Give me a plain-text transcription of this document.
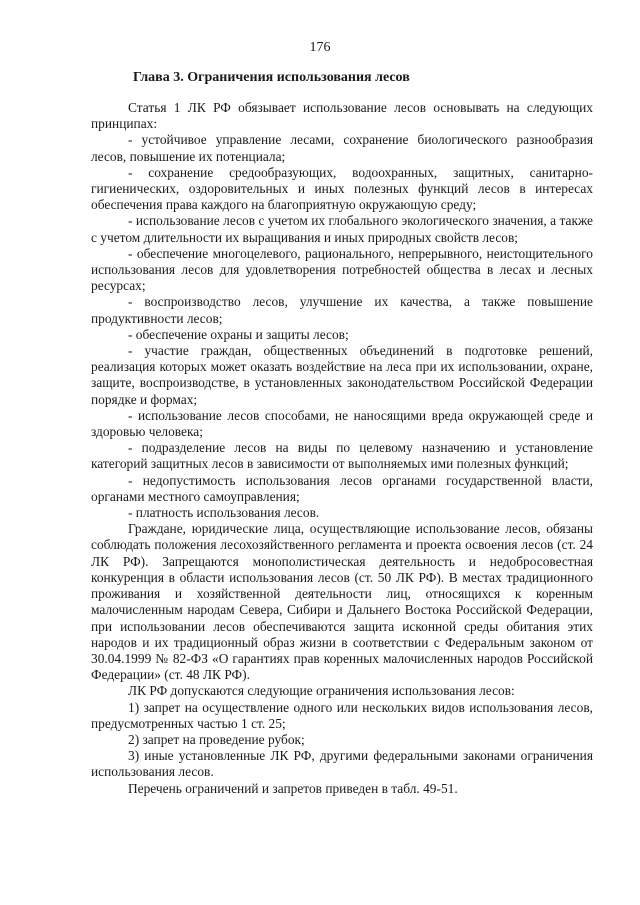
176
Глава 3. Ограничения использования лесов

Статья 1 ЛК РФ обязывает использование лесов основывать на следующих принципах:

- устойчивое управление лесами, сохранение биологического разнообразия лесов, повышение их потенциала;

- сохранение средообразующих, водоохранных, защитных, санитарно-гигиенических, оздоровительных и иных полезных функций лесов в интересах обеспечения права каждого на благоприятную окружающую среду;

- использование лесов с учетом их глобального экологического значения, а также с учетом длительности их выращивания и иных природных свойств лесов;

- обеспечение многоцелевого, рационального, непрерывного, неистощительного использования лесов для удовлетворения потребностей общества в лесах и лесных ресурсах;

- воспроизводство лесов, улучшение их качества, а также повышение продуктивности лесов;

- обеспечение охраны и защиты лесов;

- участие граждан, общественных объединений в подготовке решений, реализация которых может оказать воздействие на леса при их использовании, охране, защите, воспроизводстве, в установленных законодательством Российской Федерации порядке и формах;

- использование лесов способами, не наносящими вреда окружающей среде и здоровью человека;

- подразделение лесов на виды по целевому назначению и установление категорий защитных лесов в зависимости от выполняемых ими полезных функций;

- недопустимость использования лесов органами государственной власти, органами местного самоуправления;

- платность использования лесов.

Граждане, юридические лица, осуществляющие использование лесов, обязаны соблюдать положения лесохозяйственного регламента и проекта освоения лесов (ст. 24 ЛК РФ). Запрещаются монополистическая деятельность и недобросовестная конкуренция в области использования лесов (ст. 50 ЛК РФ). В местах традиционного проживания и хозяйственной деятельности лиц, относящихся к коренным малочисленным народам Севера, Сибири и Дальнего Востока Российской Федерации, при использовании лесов обеспечиваются защита исконной среды обитания этих народов и их традиционный образ жизни в соответствии с Федеральным законом от 30.04.1999 № 82-ФЗ «О гарантиях прав коренных малочисленных народов Российской Федерации» (ст. 48 ЛК РФ).

ЛК РФ допускаются следующие ограничения использования лесов:

1) запрет на осуществление одного или нескольких видов использования лесов, предусмотренных частью 1 ст. 25;

2) запрет на проведение рубок;

3) иные установленные ЛК РФ, другими федеральными законами ограничения использования лесов.

Перечень ограничений и запретов приведен в табл. 49-51.
